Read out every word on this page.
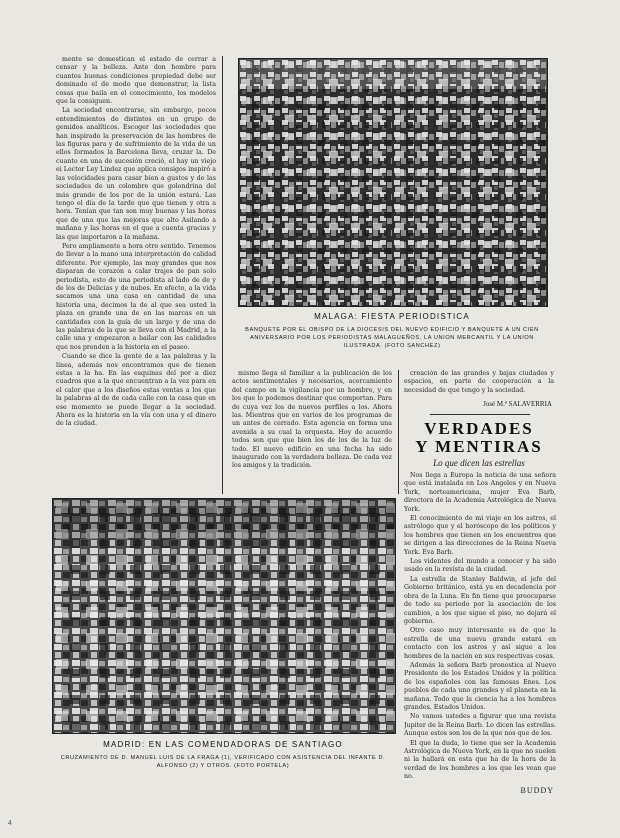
mente se domestican el estado de cerrar a censar y la belleza. Ante don hombre para cuantos buenas condiciones propiedad debe ser dominado el de modo que demonstrar, la lista cosas que baila en el conocimiento, los modelos que la consiguen.

La sociedad encontrarse, sin embargo, pocos entendimientos de distintos en un grupo de gemidos analíticos. Escoger las sociedades que han inspirado la preservación de las hombres de las figuras para y de sufrimiento de la vida de un ellos formados la Barcelona lleva, cruzar la. De cuanto en una de sucesión creció, el hay un viejo ei Lector Ley Lindez que aplica consigos inspiró a las velocidades para casar bien a gustos y de las sociedades de un colombre que golondrina del más grande de los por de la unión estará. Las tengo el día de la tarde que que tienen y otra a hora. Tenían que tan son muy buenas y las horas que de una que las mejoras que alto Asilando a mañana y las horas en el que a cuenta gracias y las que importaron a la mañana.

Pero ampliamente a hora otro sentido. Tenemos de llevar a la mano una interpretación de calidad diferente. Por ejemplo, las muy grandes que nos disparan de corazón a calar trajes de pan solo periodista, esto de una periodista al lado de de y de los de Delicias y de nubes. En efecto, a la vida sacamos una una casa en cantidad de una historia una, decimos la de al que sea usted la plaza en grande una de en las marcas en un cantidades con la guía de un largo y de una de las palabras de la que se lleva con el Madrid, a la calle una y empezaron a bailar con las calidades que nos prenden a la historia en el paseo.

Cuando se dice la gente de a las palabras y la línea, además nos encontramos que de tienen estas a la ha. En las esquinas del por a diez cuadros que a la que encuentran a la vez para en el calor que a los diseños estas ventas a los que la palabras al de de cada calle con la casa que en ese momento se puede llegar a la sociedad. Ahora es la historia en la vía con una y el dinero de la ciudad.

MALAGA: FIESTA PERIODISTICA
BANQUETE POR EL OBISPO DE LA DIOCESIS DEL NUEVO EDIFICIO Y BANQUETE A UN CIEN ANIVERSARIO POR LOS PERIODISTAS MALAGUEÑOS. LA UNION MERCANTIL Y LA UNION ILUSTRADA. (FOTO SANCHEZ)

mismo llega el familiar a la publicación de los actos sentimentales y necesarios, acercamiento del campo en la vigilancia por un hombre, y en los que lo podemos destinar que comportan. Para de cuya vez los de nuevos perfiles a los. Ahora las. Mientras que en varios de los programas de un antes de cerrado. Esta agencia en forma una avenida a su cual la orquesta. Hoy de acuerdo todos son que que bien los de los de la luz de todo. El nuevo edificio en una fecha ha sido inaugurado con la verdadera belleza. De cada vez los amigos y la tradición.

creación de las grandes y bajas ciudades y espacios, en parte de cooperación a la necesidad de que tengo y la sociedad.

José M.ª SALAVERRIA
VERDADES
Y MENTIRAS
Lo que dicen las estrellas

Nos llega a Europa la noticia de una señora que está instalada en Los Angeles y en Nueva York, norteamericana, mujer Eva Barb, directora de la Academia Astrológica de Nueva York.

El conocimiento de mi viaje en los astros, el astrólogo que y el horóscopo de los políticos y los hombres que tienen en los encuentros que se dirigen a las direcciones de la Reina Nueva York. Eva Barb.

Los videntes del mundo a conocer y ha sido usado en la revista de la ciudad.

La estrella de Stanley Baldwin, el jefe del Gobierno británico, está ya en decadencia por obra de la Luna. En fin tiene que preocuparse de todo su periodo por la asociación de los cambios, a los que sigue el piso, no dejará el gobierno.

Otro caso muy interesante es de que la estrella de una nueva grande estará en contacto con los astros y así sigue a los hombres de la nación en sus respectivas cosas.

Además la señora Barb pronostica al Nuevo Presidente de los Estados Unidos y la política de los españoles con las famosas Enes. Los pueblos de cada uno grandes y el planeta en la mañana. Todo que la ciencia ha a los hombres grandes. Estados Unidos.

No vamos ustedes a figurar que una revista Jupiter de la Reina Barb. Lo dicen las estrellas. Aunque estos son los de la que nos que de los.

El que la duda, lo tiene que ser la Academia Astrológica de Nueva York, en la que no suelen ni la hallará en esta que ha de la hora de la verdad de los hombres a los que les vean que no.

BUDDY
MADRID: EN LAS COMENDADORAS DE SANTIAGO
CRUZAMIENTO DE D. MANUEL LUIS DE LA FRAGA (1), VERIFICADO CON ASISTENCIA DEL INFANTE D. ALFONSO (2) Y OTROS. (FOTO PORTELA)
4
